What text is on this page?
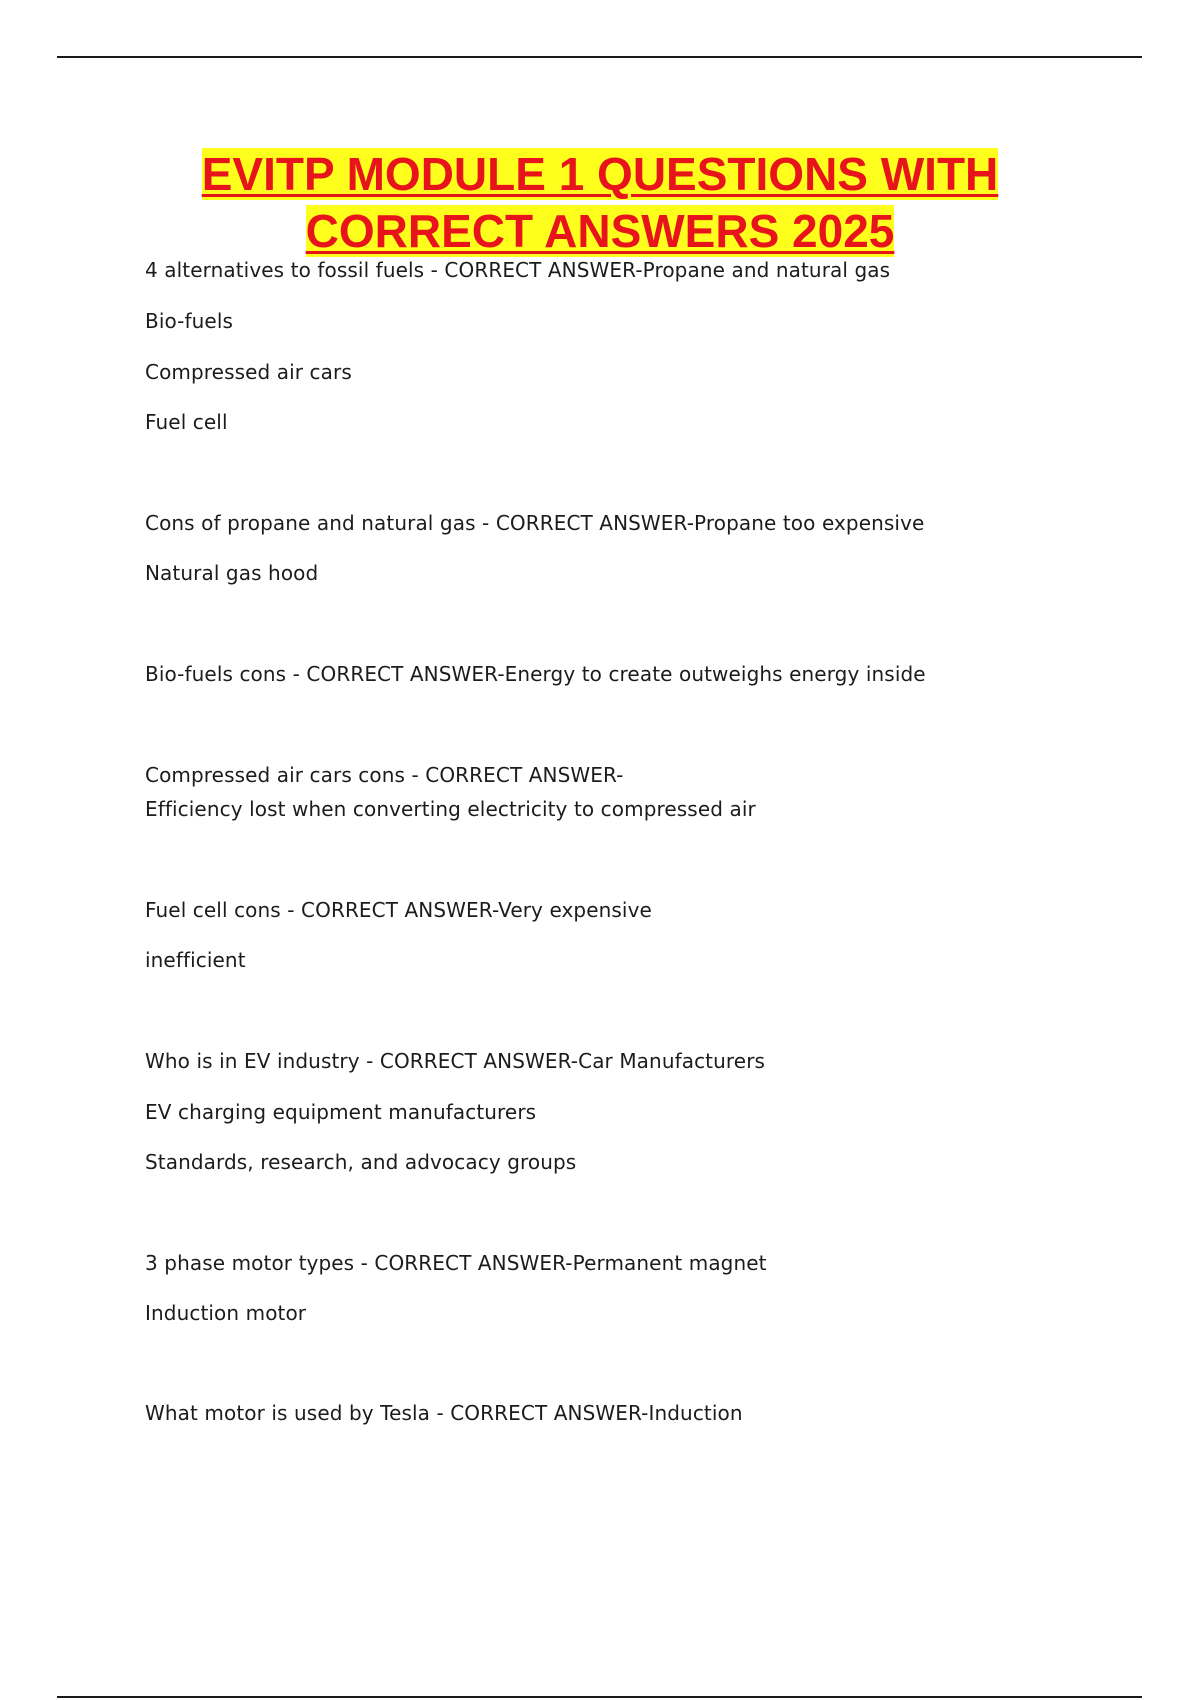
EVITP MODULE 1 QUESTIONS WITH
CORRECT ANSWERS 2025

4 alternatives to fossil fuels - CORRECT ANSWER-Propane and natural gas

Bio-fuels

Compressed air cars

Fuel cell

Cons of propane and natural gas - CORRECT ANSWER-Propane too expensive

Natural gas hood

Bio-fuels cons - CORRECT ANSWER-Energy to create outweighs energy inside

Compressed air cars cons - CORRECT ANSWER-

Efficiency lost when converting electricity to compressed air

Fuel cell cons - CORRECT ANSWER-Very expensive

inefficient

Who is in EV industry - CORRECT ANSWER-Car Manufacturers

EV charging equipment manufacturers

Standards, research, and advocacy groups

3 phase motor types - CORRECT ANSWER-Permanent magnet

Induction motor

What motor is used by Tesla - CORRECT ANSWER-Induction
